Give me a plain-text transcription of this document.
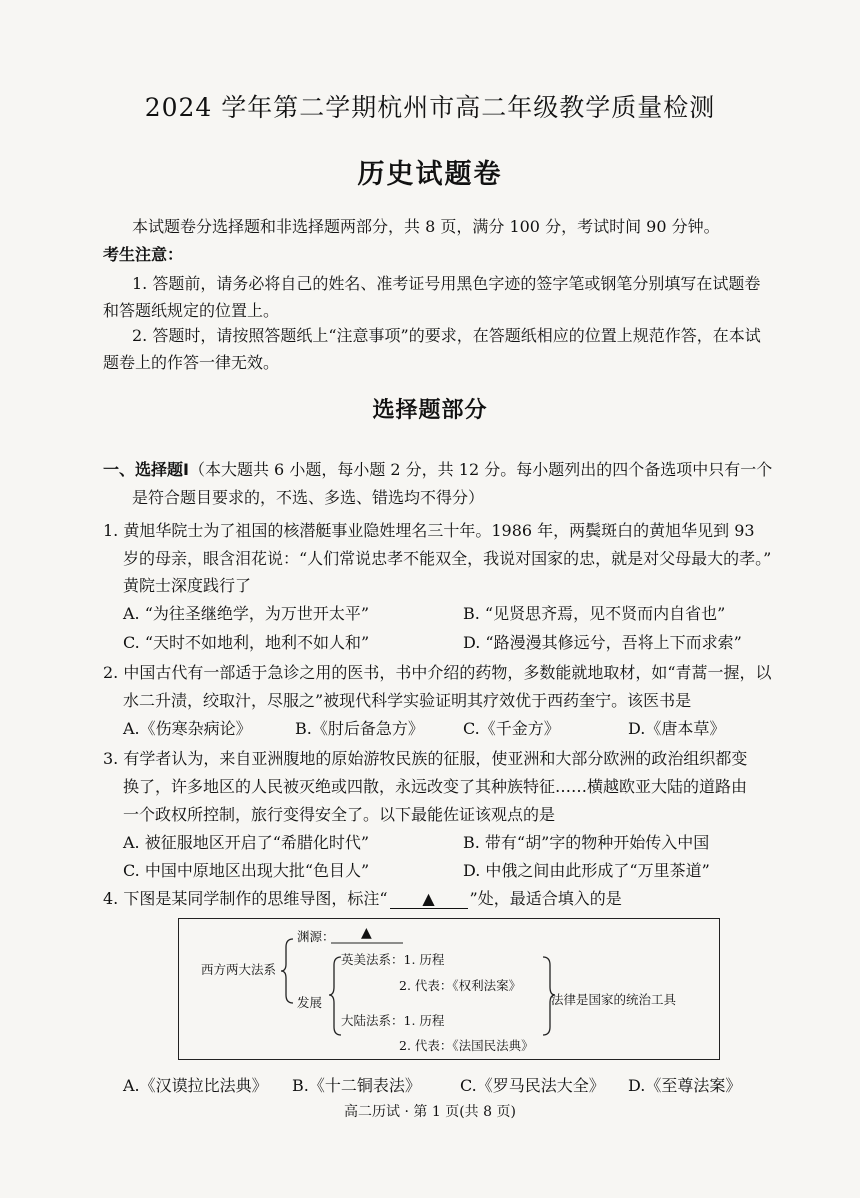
2024 学年第二学期杭州市高二年级教学质量检测
历史试题卷
本试题卷分选择题和非选择题两部分，共 8 页，满分 100 分，考试时间 90 分钟。
考生注意：
1. 答题前，请务必将自己的姓名、准考证号用黑色字迹的签字笔或钢笔分别填写在试题卷
和答题纸规定的位置上。
2. 答题时，请按照答题纸上“注意事项”的要求，在答题纸相应的位置上规范作答，在本试
题卷上的作答一律无效。
选择题部分
一、选择题Ⅰ（本大题共 6 小题，每小题 2 分，共 12 分。每小题列出的四个备选项中只有一个
是符合题目要求的，不选、多选、错选均不得分）
1. 黄旭华院士为了祖国的核潜艇事业隐姓埋名三十年。1986 年，两鬓斑白的黄旭华见到 93
岁的母亲，眼含泪花说：“人们常说忠孝不能双全，我说对国家的忠，就是对父母最大的孝。”
黄院士深度践行了
A. “为往圣继绝学，为万世开太平”	B. “见贤思齐焉，见不贤而内自省也”
C. “天时不如地利，地利不如人和”	D. “路漫漫其修远兮，吾将上下而求索”
2. 中国古代有一部适于急诊之用的医书，书中介绍的药物，多数能就地取材，如“青蒿一握，以
水二升渍，绞取汁，尽服之”被现代科学实验证明其疗效优于西药奎宁。该医书是
A.《伤寒杂病论》	B.《肘后备急方》 C.《千金方》	D.《唐本草》
3. 有学者认为，来自亚洲腹地的原始游牧民族的征服，使亚洲和大部分欧洲的政治组织都变
换了，许多地区的人民被灭绝或四散，永远改变了其种族特征……横越欧亚大陆的道路由
一个政权所控制，旅行变得安全了。以下最能佐证该观点的是
A. 被征服地区开启了“希腊化时代”	B. 带有“胡”字的物种开始传入中国
C. 中国中原地区出现大批“色目人”	D. 中俄之间由此形成了“万里茶道”
4. 下图是某同学制作的思维导图，标注“ ▲ ”处，最适合填入的是
西方两大法系
渊源： ▲
发展
英美法系：1. 历程
2. 代表：《权利法案》
大陆法系：1. 历程
2. 代表：《法国民法典》
法律是国家的统治工具
A.《汉谟拉比法典》 B.《十二铜表法》 C.《罗马民法大全》 D.《至尊法案》
高二历试 · 第 1 页(共 8 页)
